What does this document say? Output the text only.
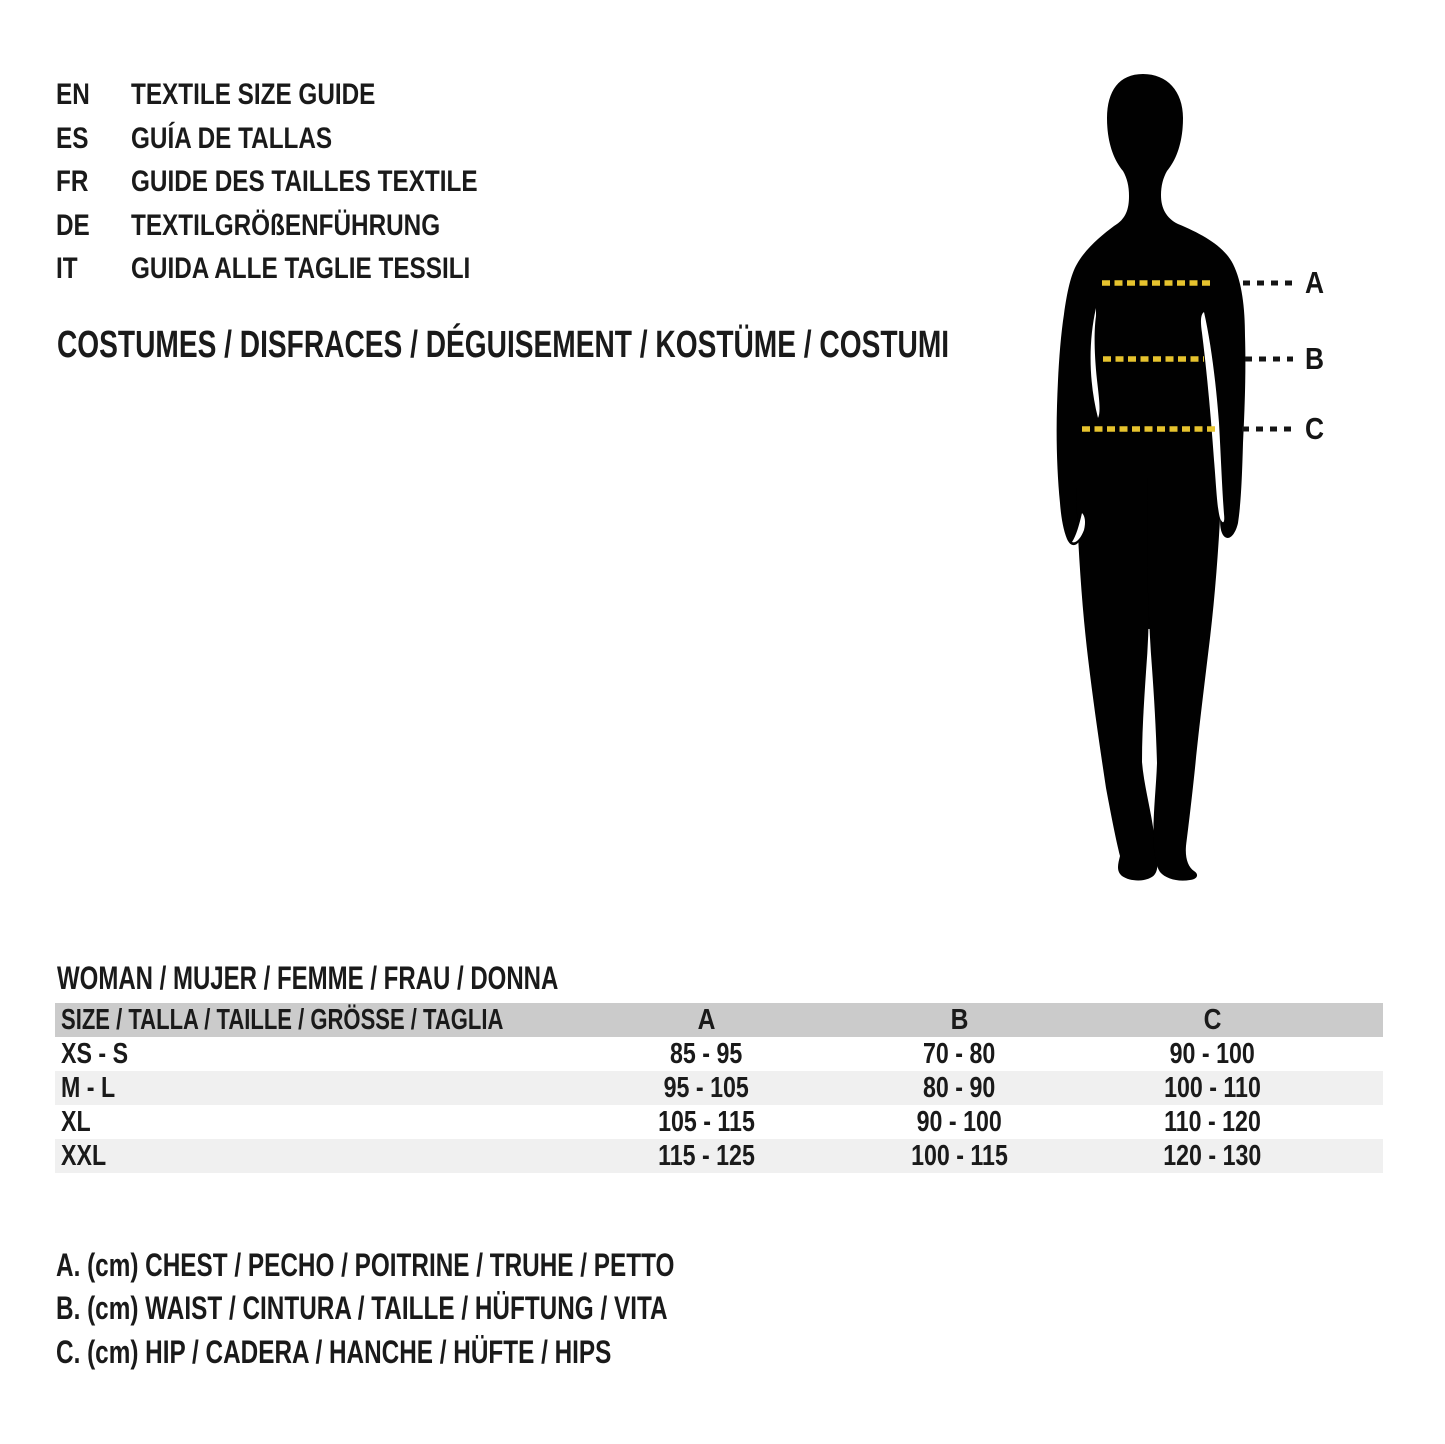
EN TEXTILE SIZE GUIDE
ES GUÍA DE TALLAS
FR GUIDE DES TAILLES TEXTILE
DE TEXTILGRÖßENFÜHRUNG
IT GUIDA ALLE TAGLIE TESSILI
COSTUMES / DISFRACES / DÉGUISEMENT / KOSTÜME / COSTUMI
A
B
C
WOMAN / MUJER / FEMME / FRAU / DONNA
SIZE / TALLA / TAILLE / GRÖSSE / TAGLIA	A	B	C
XS - S	85 - 95	70 - 80	90 - 100
M - L	95 - 105	80 - 90	100 - 110
XL	105 - 115	90 - 100	110 - 120
XXL	115 - 125	100 - 115	120 - 130
A. (cm) CHEST / PECHO / POITRINE / TRUHE / PETTO
B. (cm) WAIST / CINTURA / TAILLE / HÜFTUNG / VITA
C. (cm) HIP / CADERA / HANCHE / HÜFTE / HIPS
